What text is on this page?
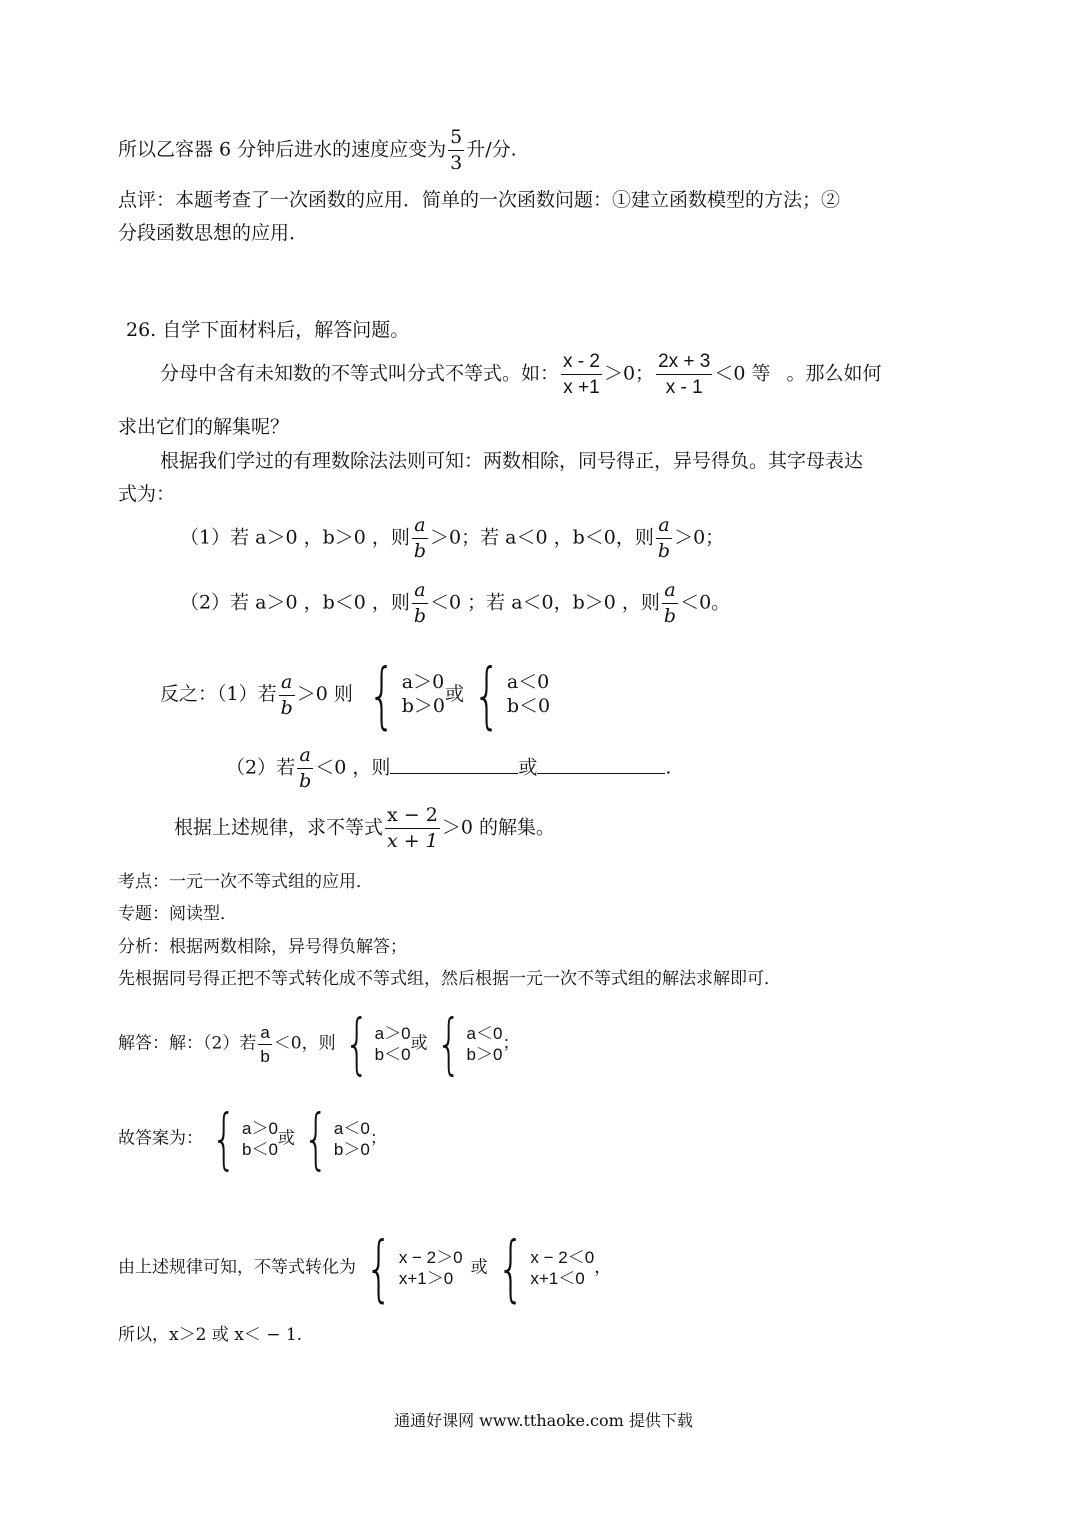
所以乙容器 6 分钟后进水的速度应变为 $\frac{5}{3}$ 升/分.
点评：本题考查了一次函数的应用．简单的一次函数问题：①建立函数模型的方法；②
分段函数思想的应用．
26. 自学下面材料后，解答问题。
分母中含有未知数的不等式叫分式不等式。如： $\frac{x - 2}{x +1} >0$； $\frac{2x + 3}{x - 1} <0$ 等 。那么如何
求出它们的解集呢？
根据我们学过的有理数除法法则可知：两数相除，同号得正，异号得负。其字母表达
式为：
（1）若 a＞0 ，b＞0 ，则 $\frac{a}{b} >0$；若 a＜0 ，b＜0，则 $\frac{a}{b} >0$；
（2）若 a＞0 ，b＜0 ，则 $\frac{a}{b} <0$ ；若 a＜0，b＞0 ，则 $\frac{a}{b} <0$。
反之：（1）若 $\frac{a}{b} >0$ 则 { a＞0
b＞0
或 { a＜0
b＜0
（2）若 $\frac{a}{b} <0$ ，则	或	.
根据上述规律，求不等式 $\frac{x - 2}{x + 1} >0$ 的解集。
考点：一元一次不等式组的应用．
专题：阅读型．
分析：根据两数相除，异号得负解答；
先根据同号得正把不等式转化成不等式组，然后根据一元一次不等式组的解法求解即可．
解答：解：（2）若 $\frac{a}{b} <0$，则 { a＞0
b＜0
或 { a＜0
b＞0
；
故答案为： { a＞0
b＜0
或 { a＜0
b＞0
；
由上述规律可知，不等式转化为 { x − 2＞0
x+1＞0
或 { x − 2＜0
x+1＜0
，
所以，x＞2 或 x＜ − 1.
通通好课网 www.tthaoke.com 提供下载
